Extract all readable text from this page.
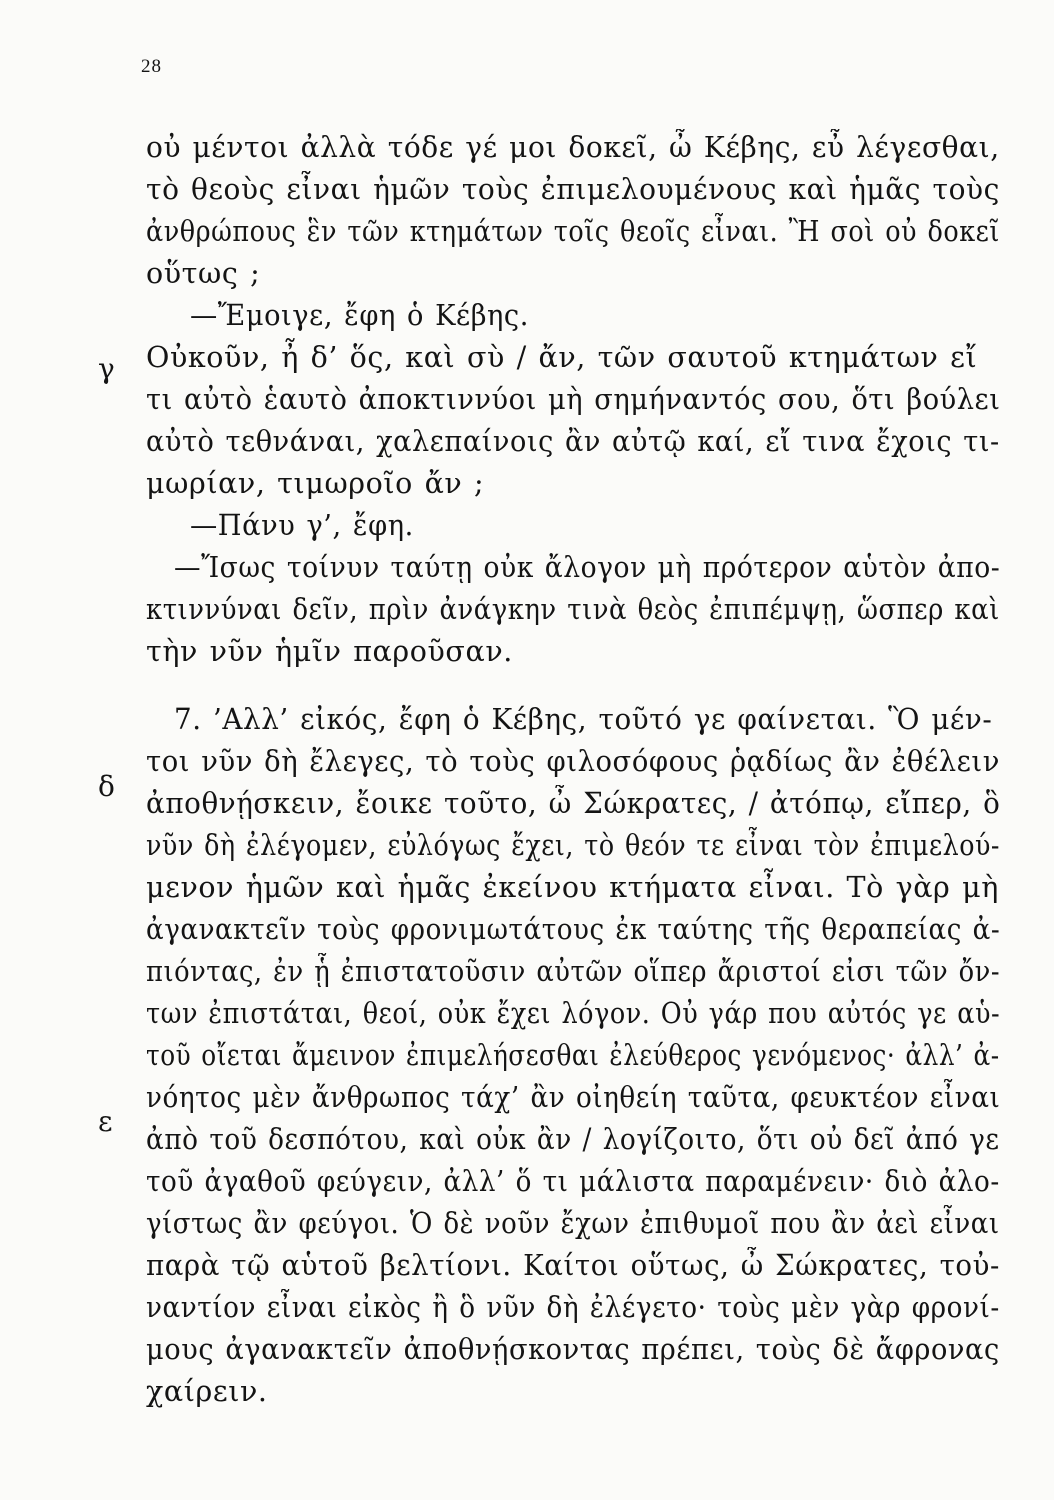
28
γ
δ
ε
οὐ μέντοι ἀλλὰ τόδε γέ μοι δοκεῖ, ὦ Κέβης, εὖ λέγεσθαι,
τὸ θεοὺς εἶναι ἡμῶν τοὺς ἐπιμελουμένους καὶ ἡμᾶς τοὺς
ἀνθρώπους ἓν τῶν κτημάτων τοῖς θεοῖς εἶναι. Ἢ σοὶ οὐ δοκεῖ
οὕτως ;
—Ἔμοιγε, ἔφη ὁ Κέβης.
Οὐκοῦν, ἦ δ’ ὅς, καὶ σὺ / ἄν, τῶν σαυτοῦ κτημάτων εἴ
τι αὐτὸ ἑαυτὸ ἀποκτιννύοι μὴ σημήναντός σου, ὅτι βούλει
αὐτὸ τεθνάναι, χαλεπαίνοις ἂν αὐτῷ καί, εἴ τινα ἔχοις τι-
μωρίαν, τιμωροῖο ἄν ;
—Πάνυ γ’, ἔφη.
—Ἴσως τοίνυν ταύτῃ οὐκ ἄλογον μὴ πρότερον αὑτὸν ἀπο-
κτιννύναι δεῖν, πρὶν ἀνάγκην τινὰ θεὸς ἐπιπέμψῃ, ὥσπερ καὶ
τὴν νῦν ἡμῖν παροῦσαν.
7. ’Αλλ’ εἰκός, ἔφη ὁ Κέβης, τοῦτό γε φαίνεται. Ὃ μέν-
τοι νῦν δὴ ἔλεγες, τὸ τοὺς φιλοσόφους ῥᾳδίως ἂν ἐθέλειν
ἀποθνῄσκειν, ἔοικε τοῦτο, ὦ Σώκρατες, / ἀτόπῳ, εἴπερ, ὃ
νῦν δὴ ἐλέγομεν, εὐλόγως ἔχει, τὸ θεόν τε εἶναι τὸν ἐπιμελού-
μενον ἡμῶν καὶ ἡμᾶς ἐκείνου κτήματα εἶναι. Τὸ γὰρ μὴ
ἀγανακτεῖν τοὺς φρονιμωτάτους ἐκ ταύτης τῆς θεραπείας ἀ-
πιόντας, ἐν ᾗ ἐπιστατοῦσιν αὐτῶν οἵπερ ἄριστοί εἰσι τῶν ὄν-
των ἐπιστάται, θεοί, οὐκ ἔχει λόγον. Οὐ γάρ που αὐτός γε αὑ-
τοῦ οἴεται ἄμεινον ἐπιμελήσεσθαι ἐλεύθερος γενόμενος· ἀλλ’ ἀ-
νόητος μὲν ἄνθρωπος τάχ’ ἂν οἰηθείη ταῦτα, φευκτέον εἶναι
ἀπὸ τοῦ δεσπότου, καὶ οὐκ ἂν / λογίζοιτο, ὅτι οὐ δεῖ ἀπό γε
τοῦ ἀγαθοῦ φεύγειν, ἀλλ’ ὅ τι μάλιστα παραμένειν· διὸ ἀλο-
γίστως ἂν φεύγοι. Ὁ δὲ νοῦν ἔχων ἐπιθυμοῖ που ἂν ἀεὶ εἶναι
παρὰ τῷ αὑτοῦ βελτίονι. Καίτοι οὕτως, ὦ Σώκρατες, τοὐ-
ναντίον εἶναι εἰκὸς ἢ ὃ νῦν δὴ ἐλέγετο· τοὺς μὲν γὰρ φρονί-
μους ἀγανακτεῖν ἀποθνῄσκοντας πρέπει, τοὺς δὲ ἄφρονας
χαίρειν.
